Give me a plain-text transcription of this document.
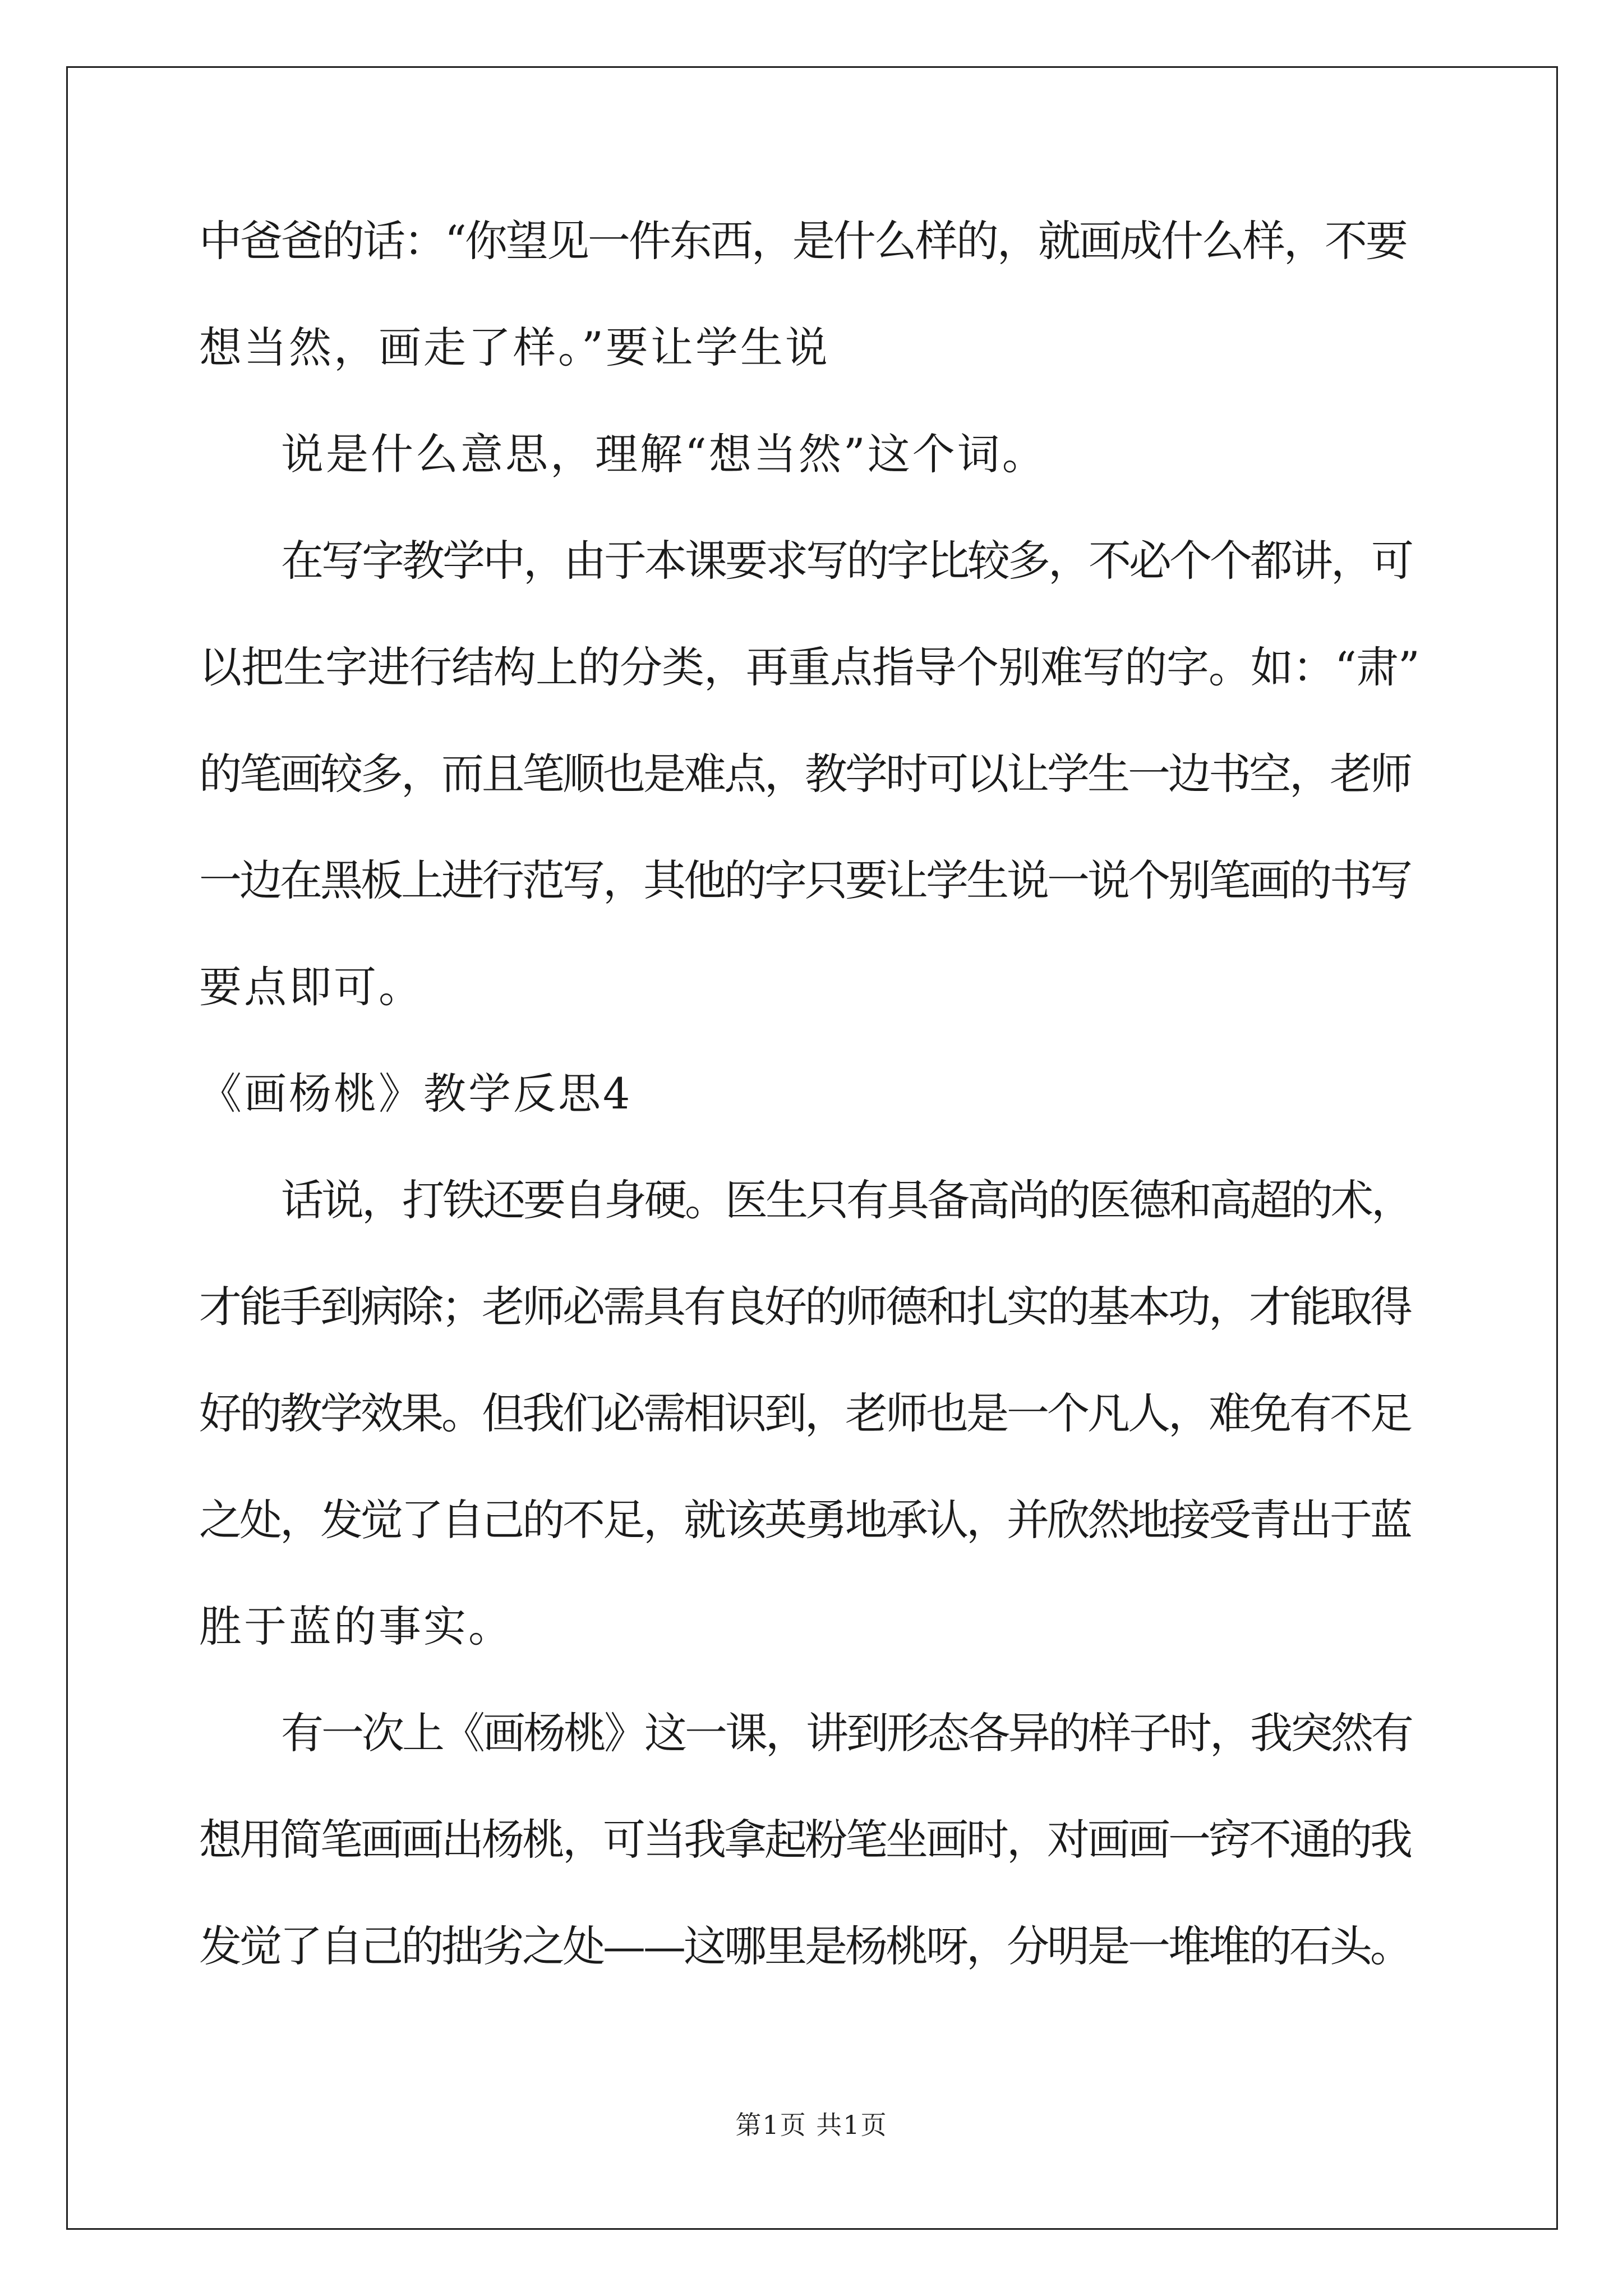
中爸爸的话：“你望见一件东西，是什么样的，就画成什么样，不要
想当然，画走了样。”要让学生说
说是什么意思，理解“想当然”这个词。
在写字教学中，由于本课要求写的字比较多，不必个个都讲，可
以把生字进行结构上的分类，再重点指导个别难写的字。如：“肃”
的笔画较多，而且笔顺也是难点，教学时可以让学生一边书空，老师
一边在黑板上进行范写，其他的字只要让学生说一说个别笔画的书写
要点即可。
《画杨桃》教学反思4
话说，打铁还要自身硬。医生只有具备高尚的医德和高超的术，
才能手到病除；老师必需具有良好的师德和扎实的基本功，才能取得
好的教学效果。但我们必需相识到，老师也是一个凡人，难免有不足
之处，发觉了自己的不足，就该英勇地承认，并欣然地接受青出于蓝
胜于蓝的事实。
有一次上《画杨桃》这一课，讲到形态各异的样子时，我突然有
想用简笔画画出杨桃，可当我拿起粉笔坐画时，对画画一窍不通的我
发觉了自己的拙劣之处——这哪里是杨桃呀，分明是一堆堆的石头。
第1页 共1页
